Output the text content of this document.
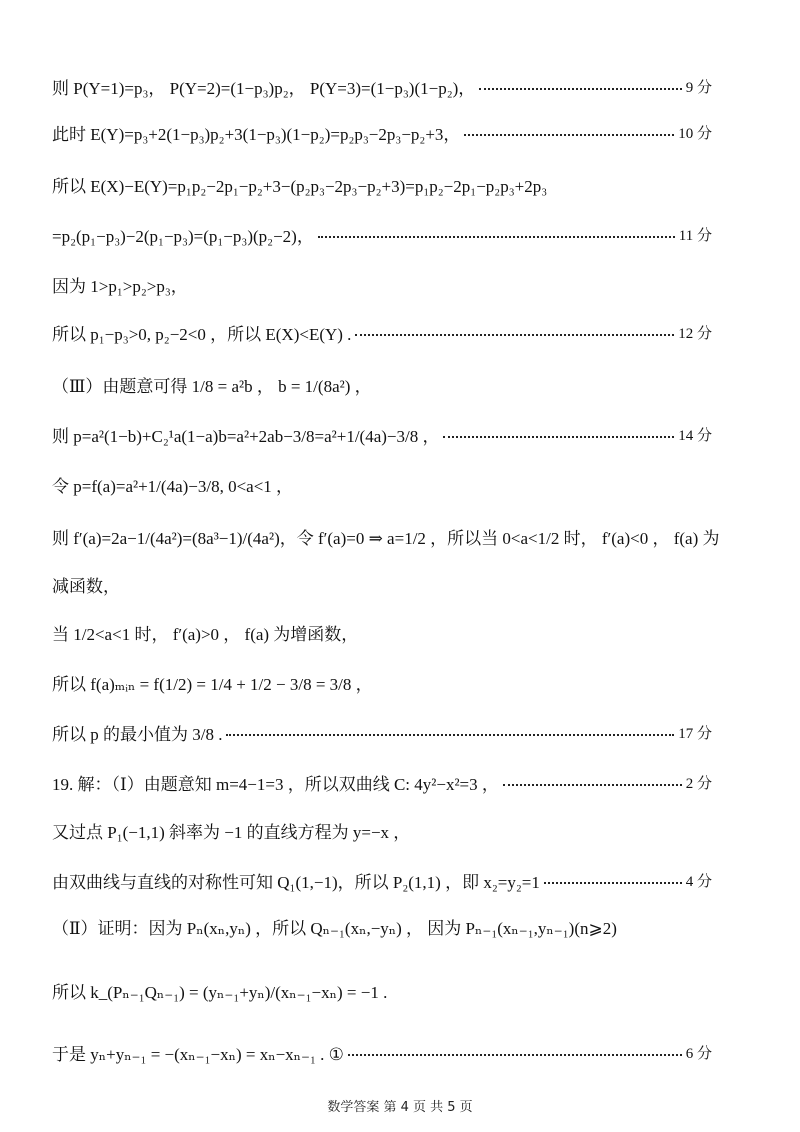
则 P(Y=1)=p₃， P(Y=2)=(1−p₃)p₂， P(Y=3)=(1−p₃)(1−p₂)，	9 分
此时 E(Y)=p₃+2(1−p₃)p₂+3(1−p₃)(1−p₂)=p₂p₃−2p₃−p₂+3，	10 分
所以 E(X)−E(Y)=p₁p₂−2p₁−p₂+3−(p₂p₃−2p₃−p₂+3)=p₁p₂−2p₁−p₂p₃+2p₃
=p₂(p₁−p₃)−2(p₁−p₃)=(p₁−p₃)(p₂−2)，	11 分
因为 1>p₁>p₂>p₃，
所以 p₁−p₃>0, p₂−2<0 ，所以 E(X)<E(Y) .	12 分
（Ⅲ）由题意可得 1/8 = a²b ， b = 1/(8a²) ，
则 p=a²(1−b)+C₂¹a(1−a)b=a²+2ab−3/8=a²+1/(4a)−3/8 ，	14 分
令 p=f(a)=a²+1/(4a)−3/8, 0<a<1 ，
则 f′(a)=2a−1/(4a²)=(8a³−1)/(4a²)，令 f′(a)=0 ⇒ a=1/2 ，所以当 0<a<1/2 时， f′(a)<0 ， f(a) 为
减函数，
当 1/2<a<1 时， f′(a)>0 ， f(a) 为增函数，
所以 f(a)ₘᵢₙ = f(1/2) = 1/4 + 1/2 − 3/8 = 3/8 ，
所以 p 的最小值为 3/8 .	17 分
19. 解：（Ⅰ）由题意知 m=4−1=3 ，所以双曲线 C: 4y²−x²=3 ，	2 分
又过点 P₁(−1,1) 斜率为 −1 的直线方程为 y=−x ，
由双曲线与直线的对称性可知 Q₁(1,−1)，所以 P₂(1,1) ，即 x₂=y₂=1	4 分
（Ⅱ）证明：因为 Pₙ(xₙ,yₙ) ，所以 Qₙ₋₁(xₙ,−yₙ) ， 因为 Pₙ₋₁(xₙ₋₁,yₙ₋₁)(n⩾2)
所以 k_(Pₙ₋₁Qₙ₋₁) = (yₙ₋₁+yₙ)/(xₙ₋₁−xₙ) = −1 .
于是 yₙ+yₙ₋₁ = −(xₙ₋₁−xₙ) = xₙ−xₙ₋₁ . ①	6 分
数学答案 第 4 页 共 5 页
